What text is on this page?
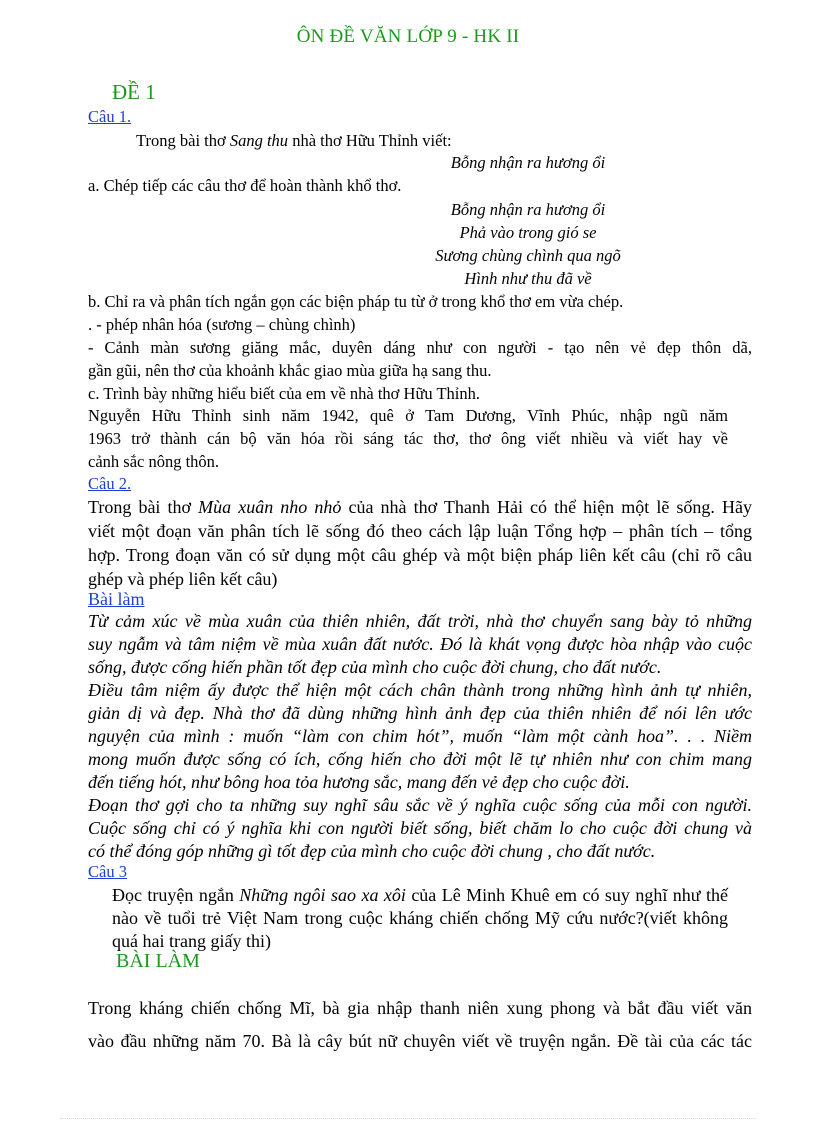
ÔN ĐỀ VĂN LỚP 9 - HK II
ĐỀ 1
Câu 1.
Trong bài thơ Sang thu nhà thơ Hữu Thỉnh viết:
Bỗng nhận ra hương ổi
a. Chép tiếp các câu thơ để hoàn thành khổ thơ.
Bỗng nhận ra hương ổi
Phả vào trong gió se
Sương chùng chình qua ngõ
Hình như thu đã về
b. Chỉ ra và phân tích ngắn gọn các biện pháp tu từ ở trong khổ thơ em vừa chép.
. - phép nhân hóa (sương – chùng chình)
- Cảnh màn sương giăng mắc, duyên dáng như con người - tạo nên vẻ đẹp thôn dã,
gần gũi, nên thơ của khoảnh khắc giao mùa giữa hạ sang thu.
c. Trình bày những hiểu biết của em về nhà thơ Hữu Thỉnh.
Nguyễn Hữu Thỉnh sinh năm 1942, quê ở Tam Dương, Vĩnh Phúc, nhập ngũ năm
1963 trở thành cán bộ văn hóa rồi sáng tác thơ, thơ ông viết nhiều và viết hay về
cảnh sắc nông thôn.
Câu 2.
Trong bài thơ Mùa xuân nho nhỏ của nhà thơ Thanh Hải có thể hiện một lẽ sống. Hãy
viết một đoạn văn phân tích lẽ sống đó theo cách lập luận Tổng hợp – phân tích – tổng
hợp. Trong đoạn văn có sử dụng một câu ghép và một biện pháp liên kết câu (chỉ rõ câu
ghép và phép liên kết câu)
Bài làm
Từ cảm xúc về mùa xuân của thiên nhiên, đất trời, nhà thơ chuyển sang bày tỏ những
suy ngẫm và tâm niệm về mùa xuân đất nước. Đó là khát vọng được hòa nhập vào cuộc
sống, được cống hiến phần tốt đẹp của mình cho cuộc đời chung, cho đất nước.
Điều tâm niệm ấy được thể hiện một cách chân thành trong những hình ảnh tự nhiên,
giản dị và đẹp. Nhà thơ đã dùng những hình ảnh đẹp của thiên nhiên để nói lên ước
nguyện của mình : muốn “làm con chim hót”, muốn “làm một cành hoa”. . . Niềm
mong muốn được sống có ích, cống hiến cho đời một lẽ tự nhiên như con chim mang
đến tiếng hót, như bông hoa tỏa hương sắc, mang đến vẻ đẹp cho cuộc đời.
Đoạn thơ gợi cho ta những suy nghĩ sâu sắc về ý nghĩa cuộc sống của mỗi con người.
Cuộc sống chỉ có ý nghĩa khi con người biết sống, biết chăm lo cho cuộc đời chung và
có thể đóng góp những gì tốt đẹp của mình cho cuộc đời chung , cho đất nước.
Câu 3
Đọc truyện ngắn Những ngôi sao xa xôi của Lê Minh Khuê em có suy nghĩ như thế
nào về tuổi trẻ Việt Nam trong cuộc kháng chiến chống Mỹ cứu nước?(viết không
quá hai trang giấy thi)
BÀI LÀM
Trong kháng chiến chống Mĩ, bà gia nhập thanh niên xung phong và bắt đầu viết văn
vào đầu những năm 70. Bà là cây bút nữ chuyên viết về truyện ngắn. Đề tài của các tác
